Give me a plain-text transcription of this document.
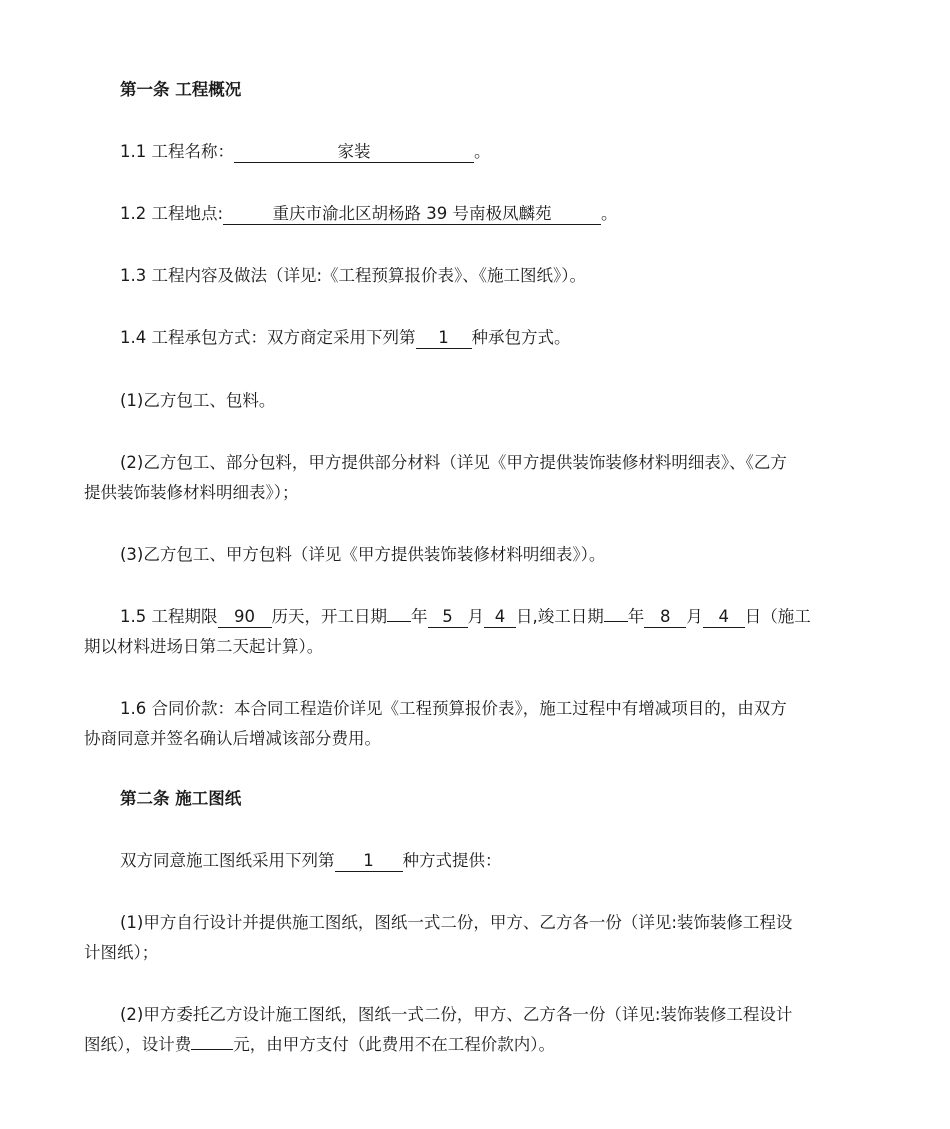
第一条 工程概况
1.1 工程名称：	家装	。
1.2 工程地点:	重庆市渝北区胡杨路 39 号南极凤麟苑	。
1.3 工程内容及做法（详见:《工程预算报价表》、《施工图纸》）。
1.4 工程承包方式：双方商定采用下列第 1 种承包方式。
(1)乙方包工、包料。
(2)乙方包工、部分包料，甲方提供部分材料（详见《甲方提供装饰装修材料明细表》、《乙方
提供装饰装修材料明细表》）；
(3)乙方包工、甲方包料（详见《甲方提供装饰装修材料明细表》）。
1.5 工程期限 90 历天，开工日期 年 5 月 4 日,竣工日期 年 8 月 4 日（施工
期以材料进场日第二天起计算）。
1.6 合同价款：本合同工程造价详见《工程预算报价表》，施工过程中有增减项目的，由双方
协商同意并签名确认后增减该部分费用。
第二条 施工图纸
双方同意施工图纸采用下列第 1 种方式提供：
(1)甲方自行设计并提供施工图纸，图纸一式二份，甲方、乙方各一份（详见:装饰装修工程设
计图纸）；
(2)甲方委托乙方设计施工图纸，图纸一式二份，甲方、乙方各一份（详见:装饰装修工程设计
图纸），设计费	元，由甲方支付（此费用不在工程价款内）。
